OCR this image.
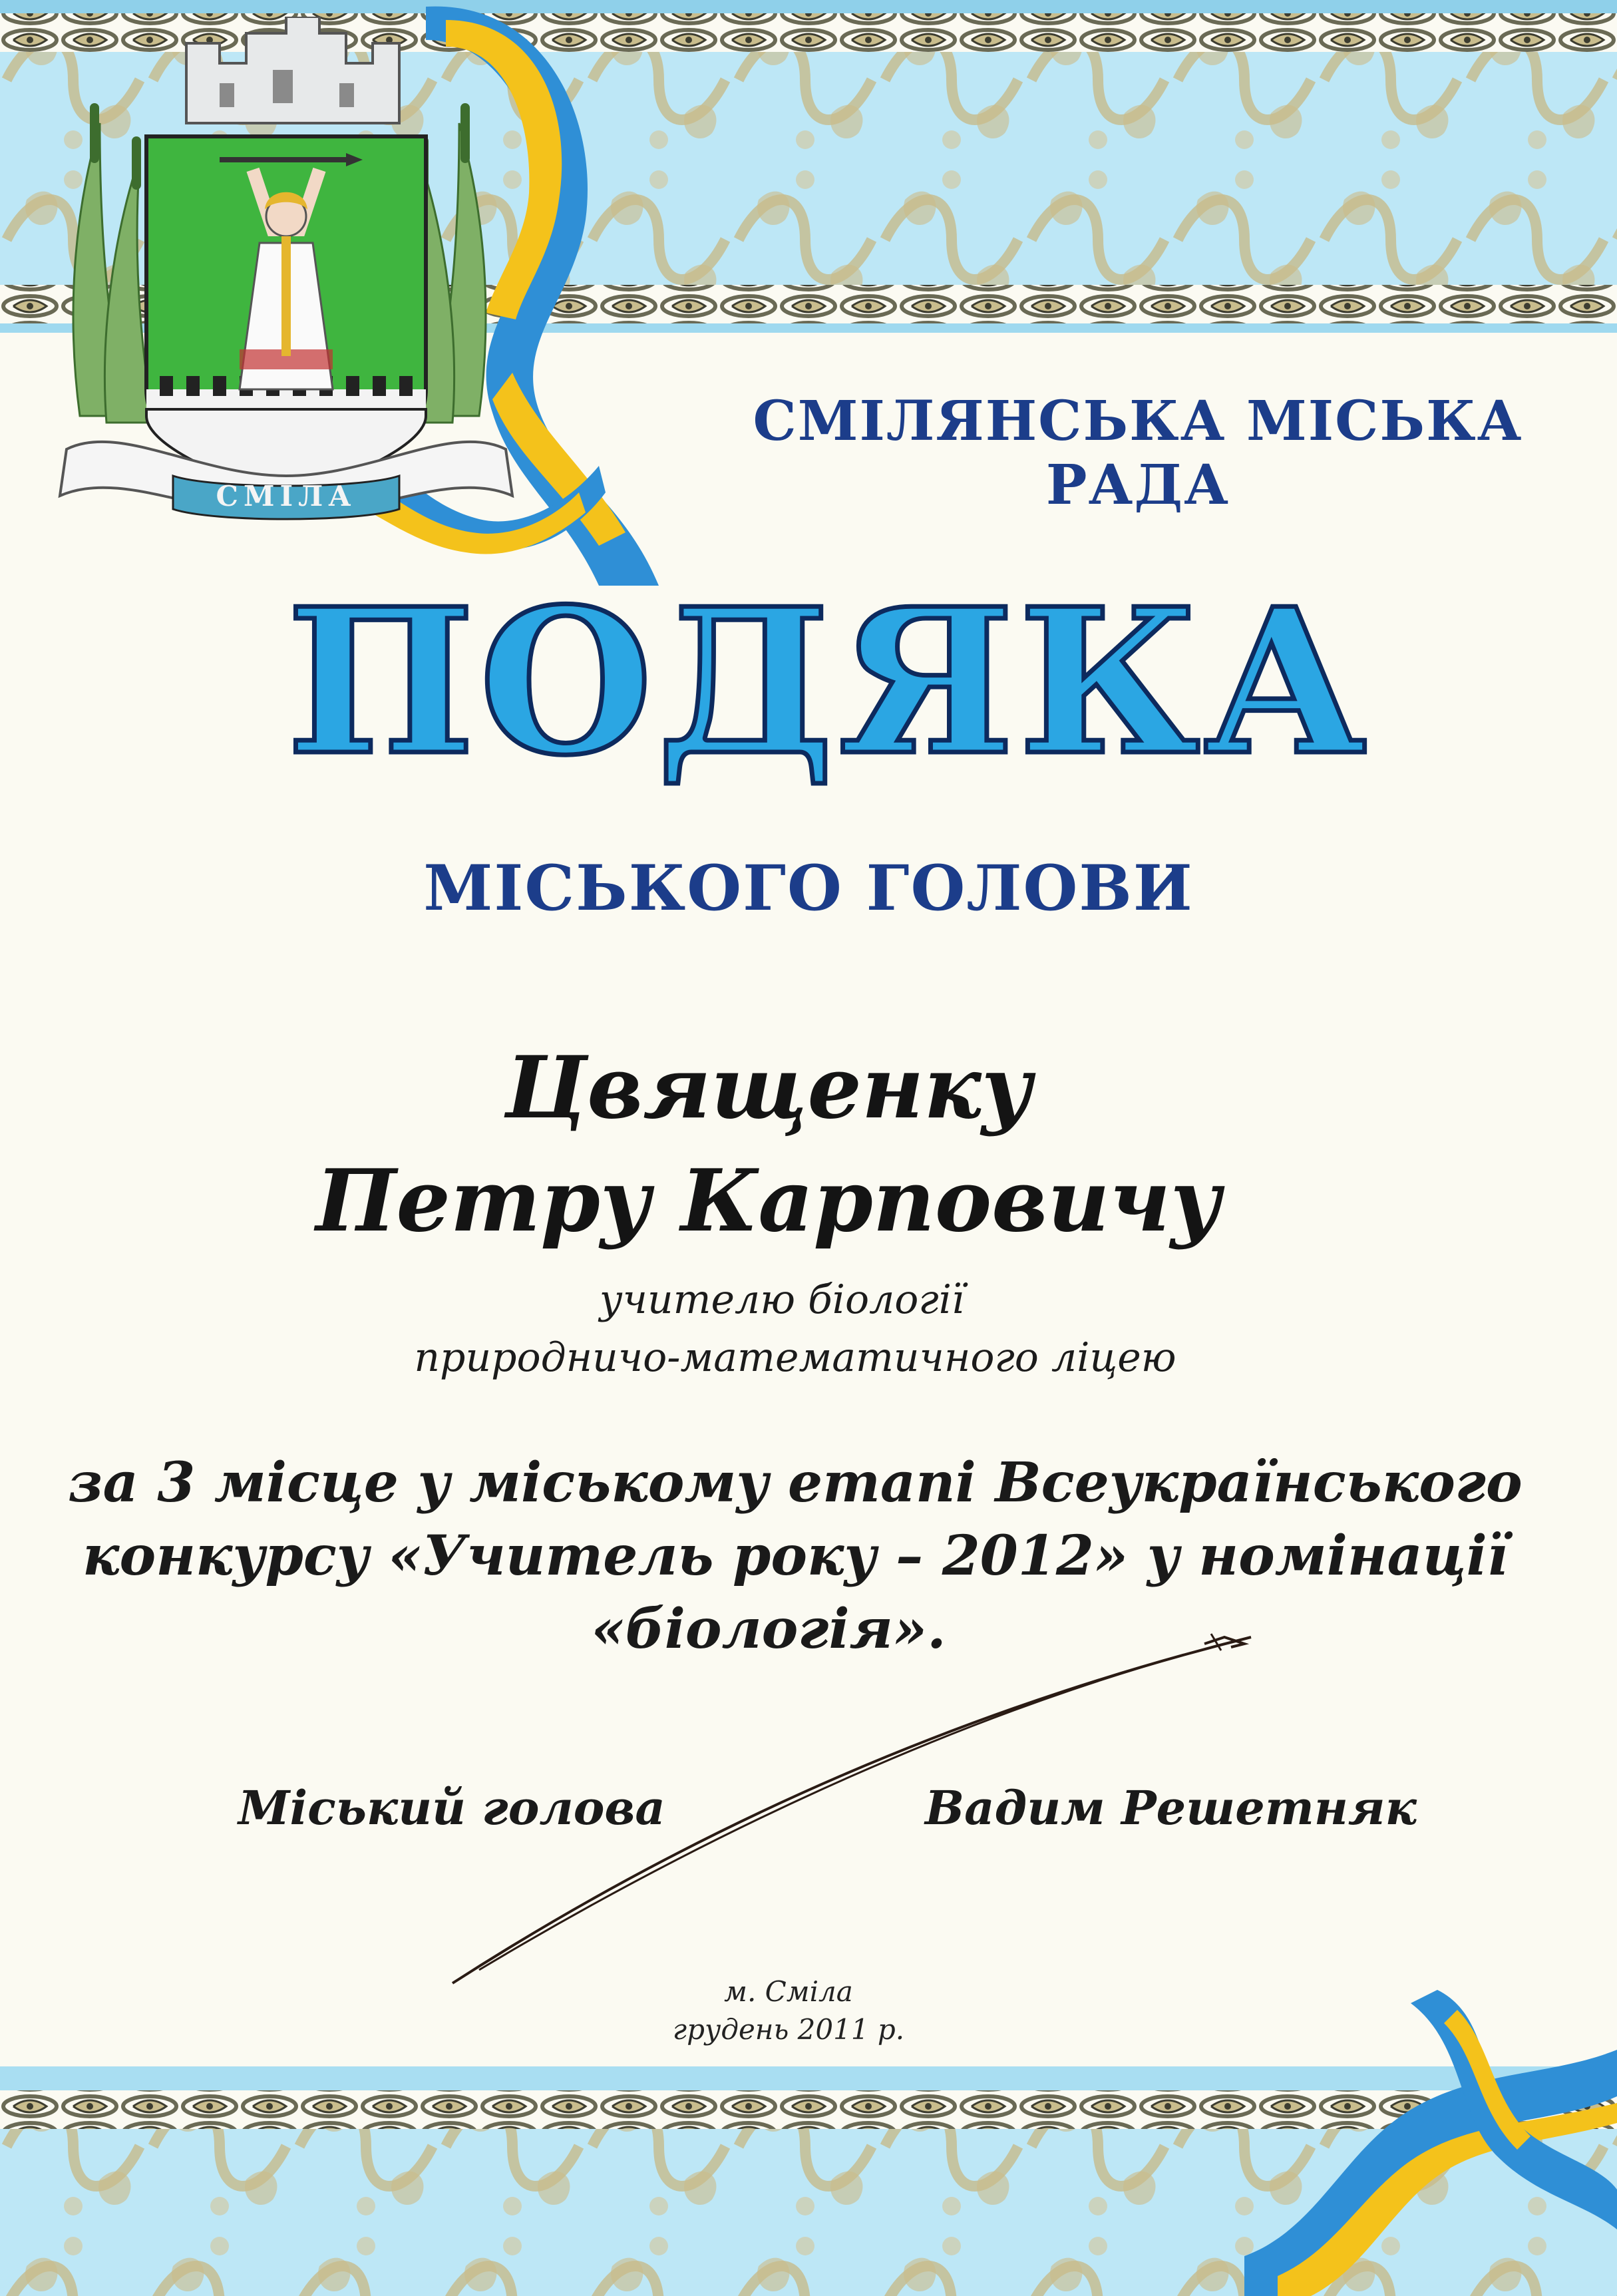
СМІЛА
СМІЛЯНСЬКА МІСЬКА РАДА
ПОДЯКА
МІСЬКОГО ГОЛОВИ
Цвященку
Петру Карповичу
учителю біології
природничо-математичного ліцею
за 3 місце у міському етапі Всеукраїнського
конкурсу «Учитель року – 2012» у номінації
«біологія».
Міський голова	Вадим Решетняк
м. Сміла
грудень 2011 р.
